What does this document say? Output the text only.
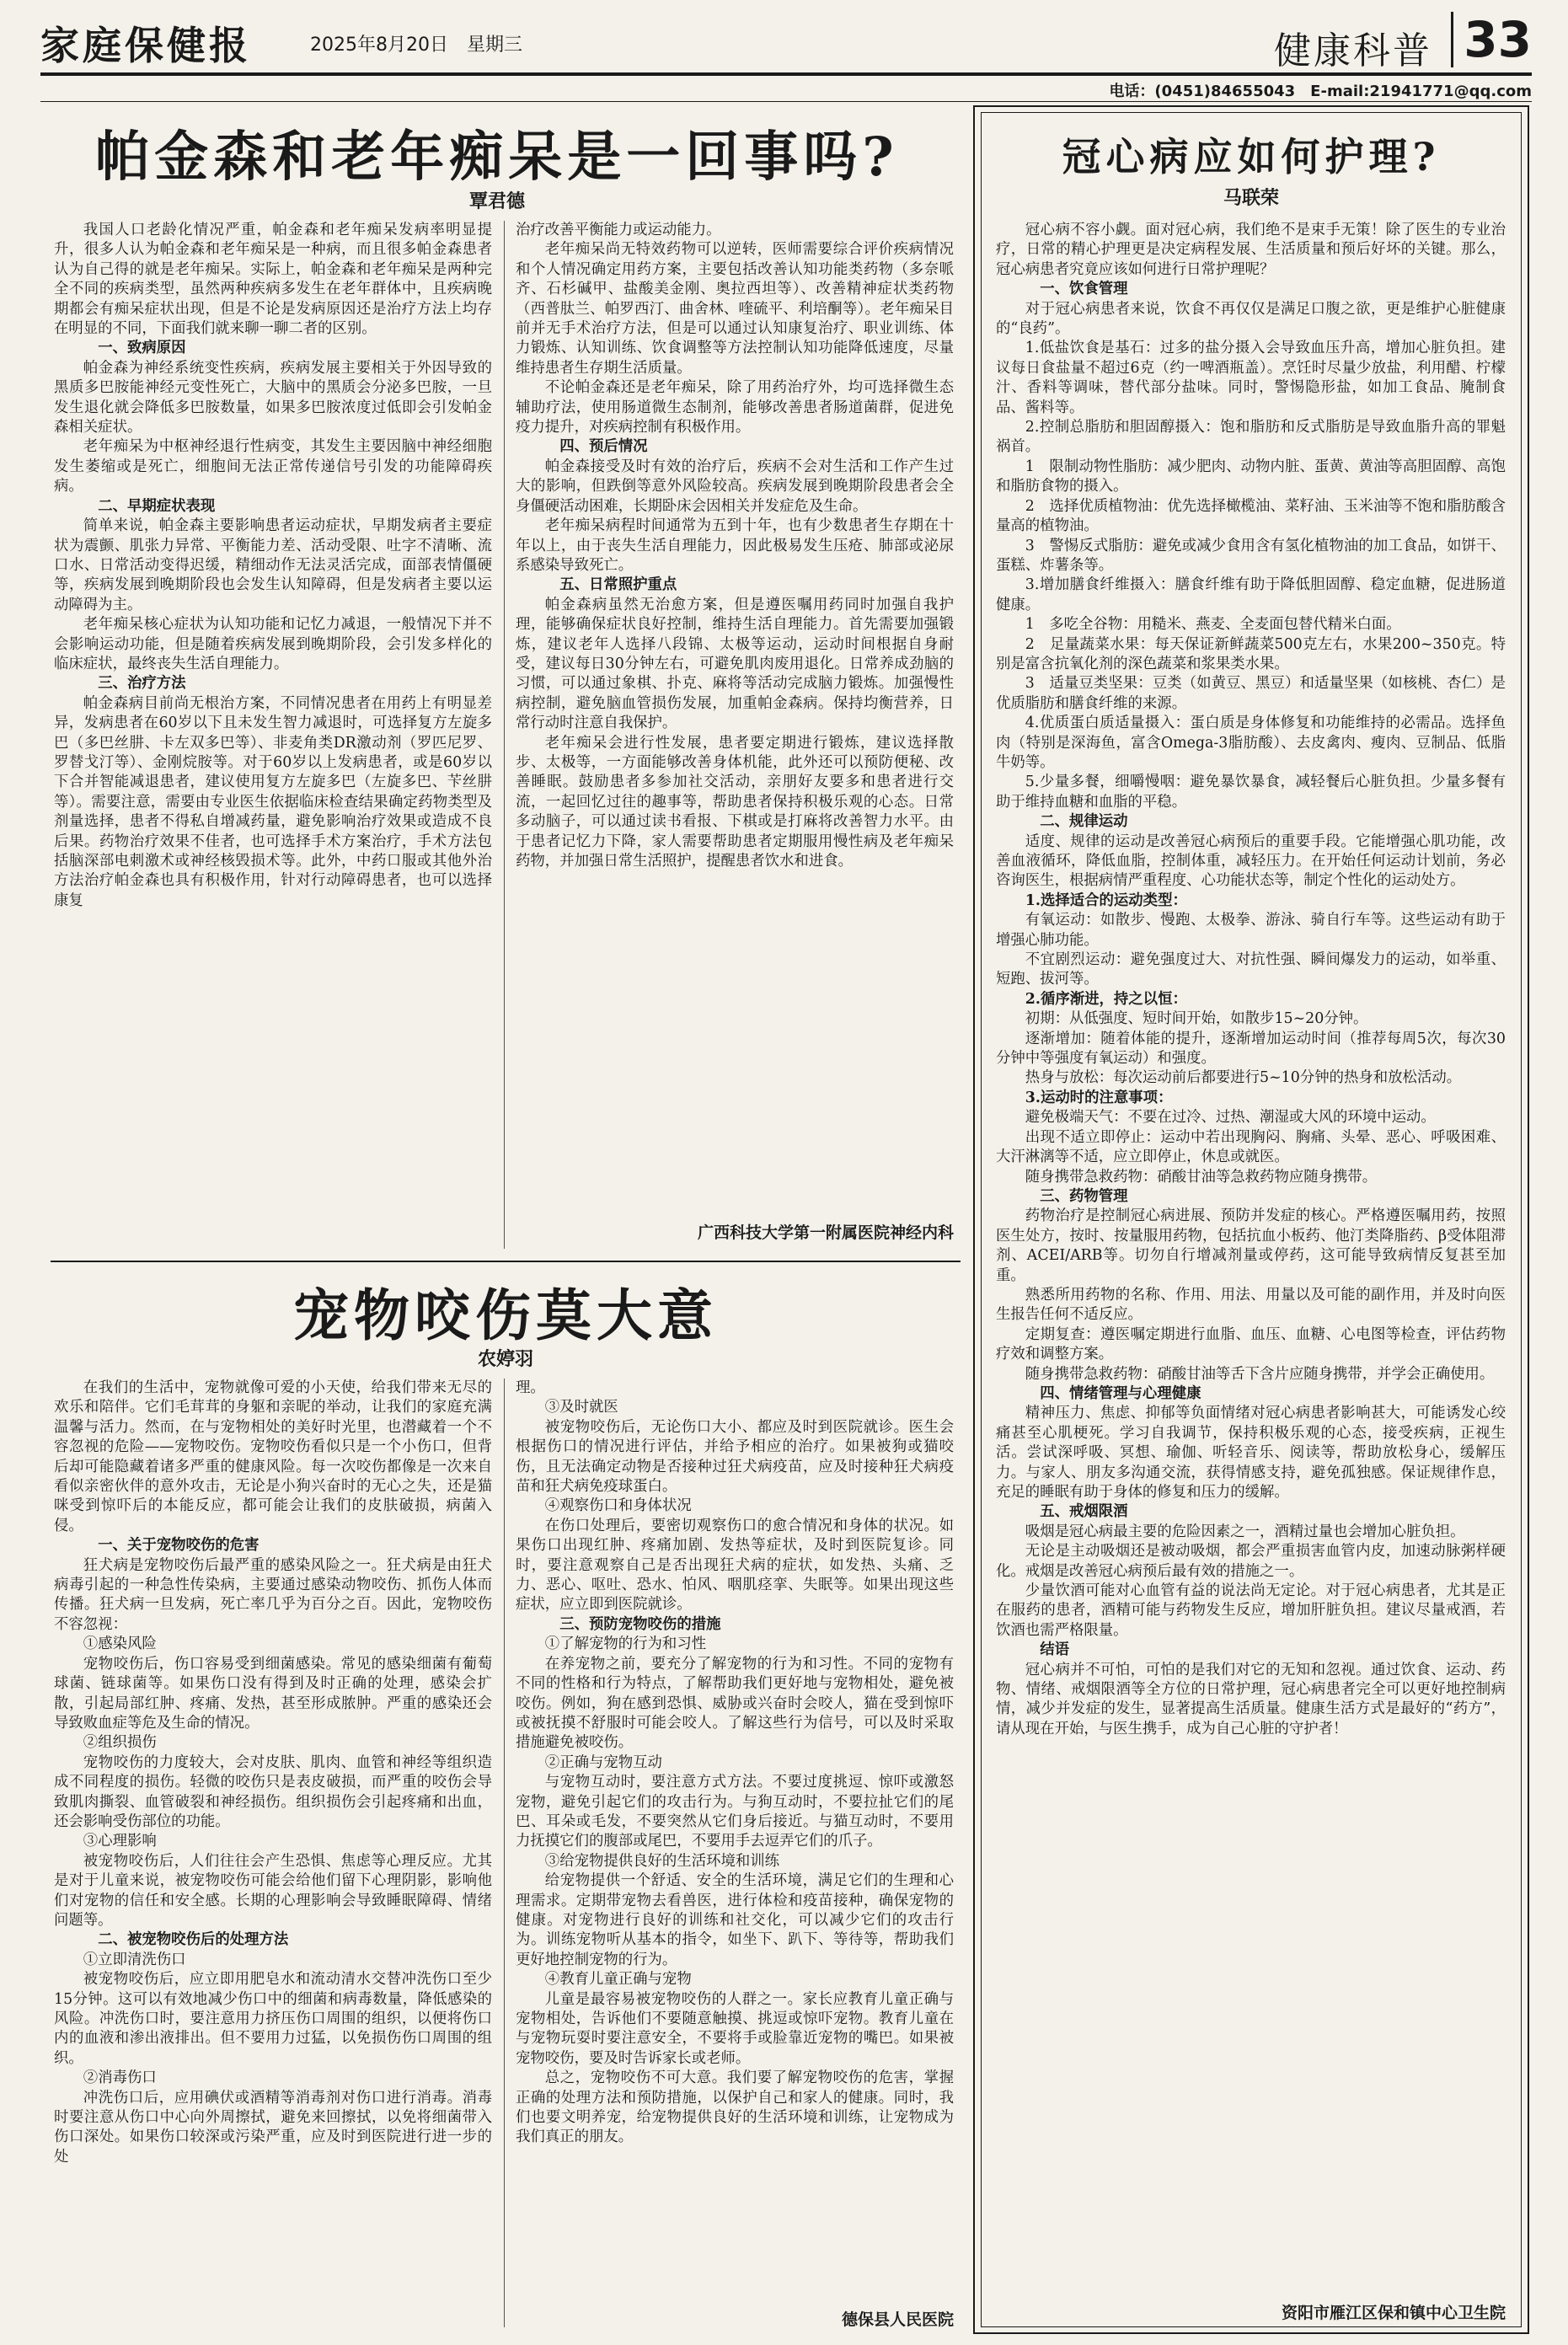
家庭保健报	2025年8月20日　星期三	健康科普 33
电话：(0451)84655043　E-mail:21941771@qq.com
帕金森和老年痴呆是一回事吗?
覃君德

我国人口老龄化情况严重，帕金森和老年痴呆发病率明显提升，很多人认为帕金森和老年痴呆是一种病，而且很多帕金森患者认为自己得的就是老年痴呆。实际上，帕金森和老年痴呆是两种完全不同的疾病类型，虽然两种疾病多发生在老年群体中，且疾病晚期都会有痴呆症状出现，但是不论是发病原因还是治疗方法上均存在明显的不同，下面我们就来聊一聊二者的区别。

一、致病原因

帕金森为神经系统变性疾病，疾病发展主要相关于外因导致的黑质多巴胺能神经元变性死亡，大脑中的黑质会分泌多巴胺，一旦发生退化就会降低多巴胺数量，如果多巴胺浓度过低即会引发帕金森相关症状。

老年痴呆为中枢神经退行性病变，其发生主要因脑中神经细胞发生萎缩或是死亡，细胞间无法正常传递信号引发的功能障碍疾病。

二、早期症状表现

简单来说，帕金森主要影响患者运动症状，早期发病者主要症状为震颤、肌张力异常、平衡能力差、活动受限、吐字不清晰、流口水、日常活动变得迟缓，精细动作无法灵活完成，面部表情僵硬等，疾病发展到晚期阶段也会发生认知障碍，但是发病者主要以运动障碍为主。

老年痴呆核心症状为认知功能和记忆力减退，一般情况下并不会影响运动功能，但是随着疾病发展到晚期阶段，会引发多样化的临床症状，最终丧失生活自理能力。

三、治疗方法

帕金森病目前尚无根治方案，不同情况患者在用药上有明显差异，发病患者在60岁以下且未发生智力减退时，可选择复方左旋多巴（多巴丝肼、卡左双多巴等）、非麦角类DR激动剂（罗匹尼罗、罗替戈汀等）、金刚烷胺等。对于60岁以上发病患者，或是60岁以下合并智能减退患者，建议使用复方左旋多巴（左旋多巴、苄丝肼等）。需要注意，需要由专业医生依据临床检查结果确定药物类型及剂量选择，患者不得私自增减药量，避免影响治疗效果或造成不良后果。药物治疗效果不佳者，也可选择手术方案治疗，手术方法包括脑深部电刺激术或神经核毁损术等。此外，中药口服或其他外治方法治疗帕金森也具有积极作用，针对行动障碍患者，也可以选择康复

治疗改善平衡能力或运动能力。

老年痴呆尚无特效药物可以逆转，医师需要综合评价疾病情况和个人情况确定用药方案，主要包括改善认知功能类药物（多奈哌齐、石杉碱甲、盐酸美金刚、奥拉西坦等）、改善精神症状类药物（西普肽兰、帕罗西汀、曲舍林、喹硫平、利培酮等）。老年痴呆目前并无手术治疗方法，但是可以通过认知康复治疗、职业训练、体力锻炼、认知训练、饮食调整等方法控制认知功能降低速度，尽量维持患者生存期生活质量。

不论帕金森还是老年痴呆，除了用药治疗外，均可选择微生态辅助疗法，使用肠道微生态制剂，能够改善患者肠道菌群，促进免疫力提升，对疾病控制有积极作用。

四、预后情况

帕金森接受及时有效的治疗后，疾病不会对生活和工作产生过大的影响，但跌倒等意外风险较高。疾病发展到晚期阶段患者会全身僵硬活动困难，长期卧床会因相关并发症危及生命。

老年痴呆病程时间通常为五到十年，也有少数患者生存期在十年以上，由于丧失生活自理能力，因此极易发生压疮、肺部或泌尿系感染导致死亡。

五、日常照护重点

帕金森病虽然无治愈方案，但是遵医嘱用药同时加强自我护理，能够确保症状良好控制，维持生活自理能力。首先需要加强锻炼，建议老年人选择八段锦、太极等运动，运动时间根据自身耐受，建议每日30分钟左右，可避免肌肉废用退化。日常养成劲脑的习惯，可以通过象棋、扑克、麻将等活动完成脑力锻炼。加强慢性病控制，避免脑血管损伤发展，加重帕金森病。保持均衡营养，日常行动时注意自我保护。

老年痴呆会进行性发展，患者要定期进行锻炼，建议选择散步、太极等，一方面能够改善身体机能，此外还可以预防便秘、改善睡眠。鼓励患者多参加社交活动，亲朋好友要多和患者进行交流，一起回忆过往的趣事等，帮助患者保持积极乐观的心态。日常多动脑子，可以通过读书看报、下棋或是打麻将改善智力水平。由于患者记忆力下降，家人需要帮助患者定期服用慢性病及老年痴呆药物，并加强日常生活照护，提醒患者饮水和进食。

广西科技大学第一附属医院神经内科
宠物咬伤莫大意
农婷羽

在我们的生活中，宠物就像可爱的小天使，给我们带来无尽的欢乐和陪伴。它们毛茸茸的身躯和亲昵的举动，让我们的家庭充满温馨与活力。然而，在与宠物相处的美好时光里，也潜藏着一个不容忽视的危险——宠物咬伤。宠物咬伤看似只是一个小伤口，但背后却可能隐藏着诸多严重的健康风险。每一次咬伤都像是一次来自看似亲密伙伴的意外攻击，无论是小狗兴奋时的无心之失，还是猫咪受到惊吓后的本能反应，都可能会让我们的皮肤破损，病菌入侵。

一、关于宠物咬伤的危害

狂犬病是宠物咬伤后最严重的感染风险之一。狂犬病是由狂犬病毒引起的一种急性传染病，主要通过感染动物咬伤、抓伤人体而传播。狂犬病一旦发病，死亡率几乎为百分之百。因此，宠物咬伤不容忽视：

①感染风险

宠物咬伤后，伤口容易受到细菌感染。常见的感染细菌有葡萄球菌、链球菌等。如果伤口没有得到及时正确的处理，感染会扩散，引起局部红肿、疼痛、发热，甚至形成脓肿。严重的感染还会导致败血症等危及生命的情况。

②组织损伤

宠物咬伤的力度较大，会对皮肤、肌肉、血管和神经等组织造成不同程度的损伤。轻微的咬伤只是表皮破损，而严重的咬伤会导致肌肉撕裂、血管破裂和神经损伤。组织损伤会引起疼痛和出血，还会影响受伤部位的功能。

③心理影响

被宠物咬伤后，人们往往会产生恐惧、焦虑等心理反应。尤其是对于儿童来说，被宠物咬伤可能会给他们留下心理阴影，影响他们对宠物的信任和安全感。长期的心理影响会导致睡眠障碍、情绪问题等。

二、被宠物咬伤后的处理方法

①立即清洗伤口

被宠物咬伤后，应立即用肥皂水和流动清水交替冲洗伤口至少15分钟。这可以有效地减少伤口中的细菌和病毒数量，降低感染的风险。冲洗伤口时，要注意用力挤压伤口周围的组织，以便将伤口内的血液和渗出液排出。但不要用力过猛，以免损伤伤口周围的组织。

②消毒伤口

冲洗伤口后，应用碘伏或酒精等消毒剂对伤口进行消毒。消毒时要注意从伤口中心向外周擦拭，避免来回擦拭，以免将细菌带入伤口深处。如果伤口较深或污染严重，应及时到医院进行进一步的处

理。

③及时就医

被宠物咬伤后，无论伤口大小、都应及时到医院就诊。医生会根据伤口的情况进行评估，并给予相应的治疗。如果被狗或猫咬伤，且无法确定动物是否接种过狂犬病疫苗，应及时接种狂犬病疫苗和狂犬病免疫球蛋白。

④观察伤口和身体状况

在伤口处理后，要密切观察伤口的愈合情况和身体的状况。如果伤口出现红肿、疼痛加剧、发热等症状，及时到医院复诊。同时，要注意观察自己是否出现狂犬病的症状，如发热、头痛、乏力、恶心、呕吐、恐水、怕风、咽肌痉挛、失眠等。如果出现这些症状，应立即到医院就诊。

三、预防宠物咬伤的措施

①了解宠物的行为和习性

在养宠物之前，要充分了解宠物的行为和习性。不同的宠物有不同的性格和行为特点，了解帮助我们更好地与宠物相处，避免被咬伤。例如，狗在感到恐惧、威胁或兴奋时会咬人，猫在受到惊吓或被抚摸不舒服时可能会咬人。了解这些行为信号，可以及时采取措施避免被咬伤。

②正确与宠物互动

与宠物互动时，要注意方式方法。不要过度挑逗、惊吓或激怒宠物，避免引起它们的攻击行为。与狗互动时，不要拉扯它们的尾巴、耳朵或毛发，不要突然从它们身后接近。与猫互动时，不要用力抚摸它们的腹部或尾巴，不要用手去逗弄它们的爪子。

③给宠物提供良好的生活环境和训练

给宠物提供一个舒适、安全的生活环境，满足它们的生理和心理需求。定期带宠物去看兽医，进行体检和疫苗接种，确保宠物的健康。对宠物进行良好的训练和社交化，可以减少它们的攻击行为。训练宠物听从基本的指令，如坐下、趴下、等待等，帮助我们更好地控制宠物的行为。

④教育儿童正确与宠物

儿童是最容易被宠物咬伤的人群之一。家长应教育儿童正确与宠物相处，告诉他们不要随意触摸、挑逗或惊吓宠物。教育儿童在与宠物玩耍时要注意安全，不要将手或脸靠近宠物的嘴巴。如果被宠物咬伤，要及时告诉家长或老师。

总之，宠物咬伤不可大意。我们要了解宠物咬伤的危害，掌握正确的处理方法和预防措施，以保护自己和家人的健康。同时，我们也要文明养宠，给宠物提供良好的生活环境和训练，让宠物成为我们真正的朋友。

德保县人民医院
冠心病应如何护理?
马联荣

冠心病不容小觑。面对冠心病，我们绝不是束手无策！除了医生的专业治疗，日常的精心护理更是决定病程发展、生活质量和预后好坏的关键。那么，冠心病患者究竟应该如何进行日常护理呢？

一、饮食管理

对于冠心病患者来说，饮食不再仅仅是满足口腹之欲，更是维护心脏健康的“良药”。

1.低盐饮食是基石：过多的盐分摄入会导致血压升高，增加心脏负担。建议每日食盐量不超过6克（约一啤酒瓶盖）。烹饪时尽量少放盐，利用醋、柠檬汁、香料等调味，替代部分盐味。同时，警惕隐形盐，如加工食品、腌制食品、酱料等。

2.控制总脂肪和胆固醇摄入：饱和脂肪和反式脂肪是导致血脂升高的罪魁祸首。

1　限制动物性脂肪：减少肥肉、动物内脏、蛋黄、黄油等高胆固醇、高饱和脂肪食物的摄入。

2　选择优质植物油：优先选择橄榄油、菜籽油、玉米油等不饱和脂肪酸含量高的植物油。

3　警惕反式脂肪：避免或减少食用含有氢化植物油的加工食品，如饼干、蛋糕、炸薯条等。

3.增加膳食纤维摄入：膳食纤维有助于降低胆固醇、稳定血糖，促进肠道健康。

1　多吃全谷物：用糙米、燕麦、全麦面包替代精米白面。

2　足量蔬菜水果：每天保证新鲜蔬菜500克左右，水果200~350克。特别是富含抗氧化剂的深色蔬菜和浆果类水果。

3　适量豆类坚果：豆类（如黄豆、黑豆）和适量坚果（如核桃、杏仁）是优质脂肪和膳食纤维的来源。

4.优质蛋白质适量摄入：蛋白质是身体修复和功能维持的必需品。选择鱼肉（特别是深海鱼，富含Omega-3脂肪酸）、去皮禽肉、瘦肉、豆制品、低脂牛奶等。

5.少量多餐，细嚼慢咽：避免暴饮暴食，减轻餐后心脏负担。少量多餐有助于维持血糖和血脂的平稳。

二、规律运动

适度、规律的运动是改善冠心病预后的重要手段。它能增强心肌功能，改善血液循环，降低血脂，控制体重，减轻压力。在开始任何运动计划前，务必咨询医生，根据病情严重程度、心功能状态等，制定个性化的运动处方。

1.选择适合的运动类型：

有氧运动：如散步、慢跑、太极拳、游泳、骑自行车等。这些运动有助于增强心肺功能。

不宜剧烈运动：避免强度过大、对抗性强、瞬间爆发力的运动，如举重、短跑、拔河等。

2.循序渐进，持之以恒：

初期：从低强度、短时间开始，如散步15~20分钟。

逐渐增加：随着体能的提升，逐渐增加运动时间（推荐每周5次，每次30分钟中等强度有氧运动）和强度。

热身与放松：每次运动前后都要进行5~10分钟的热身和放松活动。

3.运动时的注意事项：

避免极端天气：不要在过冷、过热、潮湿或大风的环境中运动。

出现不适立即停止：运动中若出现胸闷、胸痛、头晕、恶心、呼吸困难、大汗淋漓等不适，应立即停止，休息或就医。

随身携带急救药物：硝酸甘油等急救药物应随身携带。

三、药物管理

药物治疗是控制冠心病进展、预防并发症的核心。严格遵医嘱用药，按照医生处方，按时、按量服用药物，包括抗血小板药、他汀类降脂药、β受体阻滞剂、ACEI/ARB等。切勿自行增减剂量或停药，这可能导致病情反复甚至加重。

熟悉所用药物的名称、作用、用法、用量以及可能的副作用，并及时向医生报告任何不适反应。

定期复查：遵医嘱定期进行血脂、血压、血糖、心电图等检查，评估药物疗效和调整方案。

随身携带急救药物：硝酸甘油等舌下含片应随身携带，并学会正确使用。

四、情绪管理与心理健康

精神压力、焦虑、抑郁等负面情绪对冠心病患者影响甚大，可能诱发心绞痛甚至心肌梗死。学习自我调节，保持积极乐观的心态，接受疾病，正视生活。尝试深呼吸、冥想、瑜伽、听轻音乐、阅读等，帮助放松身心，缓解压力。与家人、朋友多沟通交流，获得情感支持，避免孤独感。保证规律作息，充足的睡眠有助于身体的修复和压力的缓解。

五、戒烟限酒

吸烟是冠心病最主要的危险因素之一，酒精过量也会增加心脏负担。

无论是主动吸烟还是被动吸烟，都会严重损害血管内皮，加速动脉粥样硬化。戒烟是改善冠心病预后最有效的措施之一。

少量饮酒可能对心血管有益的说法尚无定论。对于冠心病患者，尤其是正在服药的患者，酒精可能与药物发生反应，增加肝脏负担。建议尽量戒酒，若饮酒也需严格限量。

结语

冠心病并不可怕，可怕的是我们对它的无知和忽视。通过饮食、运动、药物、情绪、戒烟限酒等全方位的日常护理，冠心病患者完全可以更好地控制病情，减少并发症的发生，显著提高生活质量。健康生活方式是最好的“药方”，请从现在开始，与医生携手，成为自己心脏的守护者！

资阳市雁江区保和镇中心卫生院
